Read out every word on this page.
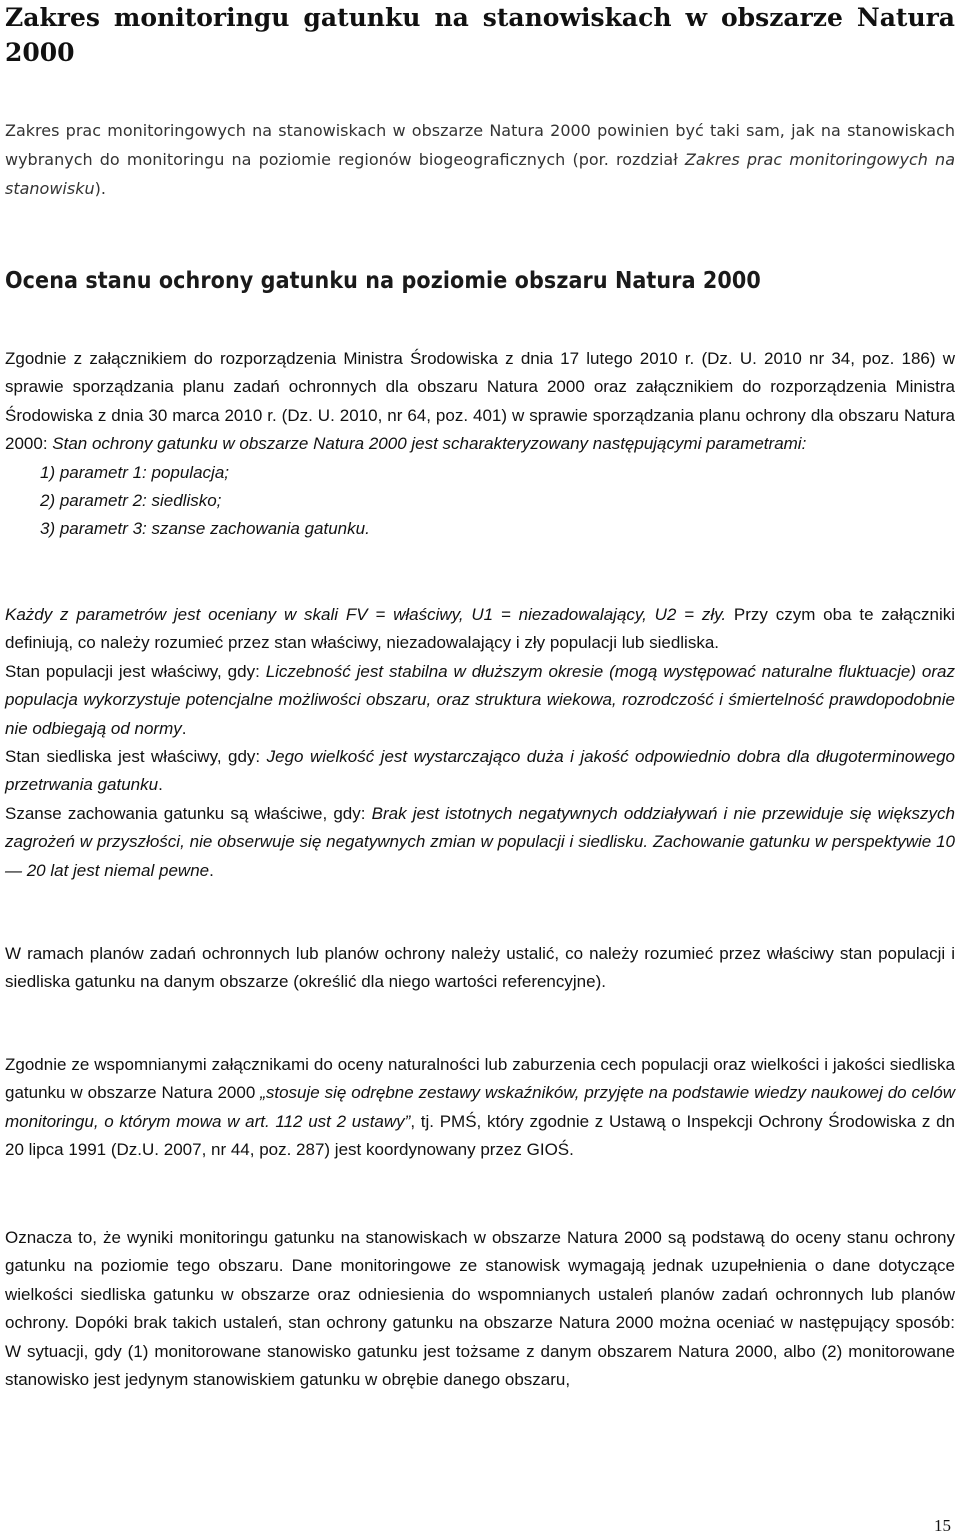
Zakres monitoringu gatunku na stanowiskach w obszarze Natura 2000

Zakres prac monitoringowych na stanowiskach w obszarze Natura 2000 powinien być taki sam, jak na stanowiskach wybranych do monitoringu na poziomie regionów biogeograficznych (por. rozdział Zakres prac monitoringowych na stanowisku).

Ocena stanu ochrony gatunku na poziomie obszaru Natura 2000

Zgodnie z załącznikiem do rozporządzenia Ministra Środowiska z dnia 17 lutego 2010 r. (Dz. U. 2010 nr 34, poz. 186) w sprawie sporządzania planu zadań ochronnych dla obszaru Natura 2000 oraz załącznikiem do rozporządzenia Ministra Środowiska z dnia 30 marca 2010 r. (Dz. U. 2010, nr 64, poz. 401) w sprawie sporządzania planu ochrony dla obszaru Natura 2000: Stan ochrony gatunku w obszarze Natura 2000 jest scharakteryzowany następującymi parametrami:

1) parametr 1: populacja;
2) parametr 2: siedlisko;
3) parametr 3: szanse zachowania gatunku.

Każdy z parametrów jest oceniany w skali FV = właściwy, U1 = niezadowalający, U2 = zły. Przy czym oba te załączniki definiują, co należy rozumieć przez stan właściwy, niezadowalający i zły populacji lub siedliska.

Stan populacji jest właściwy, gdy: Liczebność jest stabilna w dłuższym okresie (mogą występować naturalne fluktuacje) oraz populacja wykorzystuje potencjalne możliwości obszaru, oraz struktura wiekowa, rozrodczość i śmiertelność prawdopodobnie nie odbiegają od normy.

Stan siedliska jest właściwy, gdy: Jego wielkość jest wystarczająco duża i jakość odpowiednio dobra dla długoterminowego przetrwania gatunku.

Szanse zachowania gatunku są właściwe, gdy: Brak jest istotnych negatywnych oddziaływań i nie przewiduje się większych zagrożeń w przyszłości, nie obserwuje się negatywnych zmian w populacji i siedlisku. Zachowanie gatunku w perspektywie 10 — 20 lat jest niemal pewne.

W ramach planów zadań ochronnych lub planów ochrony należy ustalić, co należy rozumieć przez właściwy stan populacji i siedliska gatunku na danym obszarze (określić dla niego wartości referencyjne).

Zgodnie ze wspomnianymi załącznikami do oceny naturalności lub zaburzenia cech populacji oraz wielkości i jakości siedliska gatunku w obszarze Natura 2000 „stosuje się odrębne zestawy wskaźników, przyjęte na podstawie wiedzy naukowej do celów monitoringu, o którym mowa w art. 112 ust 2 ustawy”, tj. PMŚ, który zgodnie z Ustawą o Inspekcji Ochrony Środowiska z dn 20 lipca 1991 (Dz.U. 2007, nr 44, poz. 287) jest koordynowany przez GIOŚ.

Oznacza to, że wyniki monitoringu gatunku na stanowiskach w obszarze Natura 2000 są podstawą do oceny stanu ochrony gatunku na poziomie tego obszaru. Dane monitoringowe ze stanowisk wymagają jednak uzupełnienia o dane dotyczące wielkości siedliska gatunku w obszarze oraz odniesienia do wspomnianych ustaleń planów zadań ochronnych lub planów ochrony. Dopóki brak takich ustaleń, stan ochrony gatunku na obszarze Natura 2000 można oceniać w następujący sposób: W sytuacji, gdy (1) monitorowane stanowisko gatunku jest tożsame z danym obszarem Natura 2000, albo (2) monitorowane stanowisko jest jedynym stanowiskiem gatunku w obrębie danego obszaru,

15
